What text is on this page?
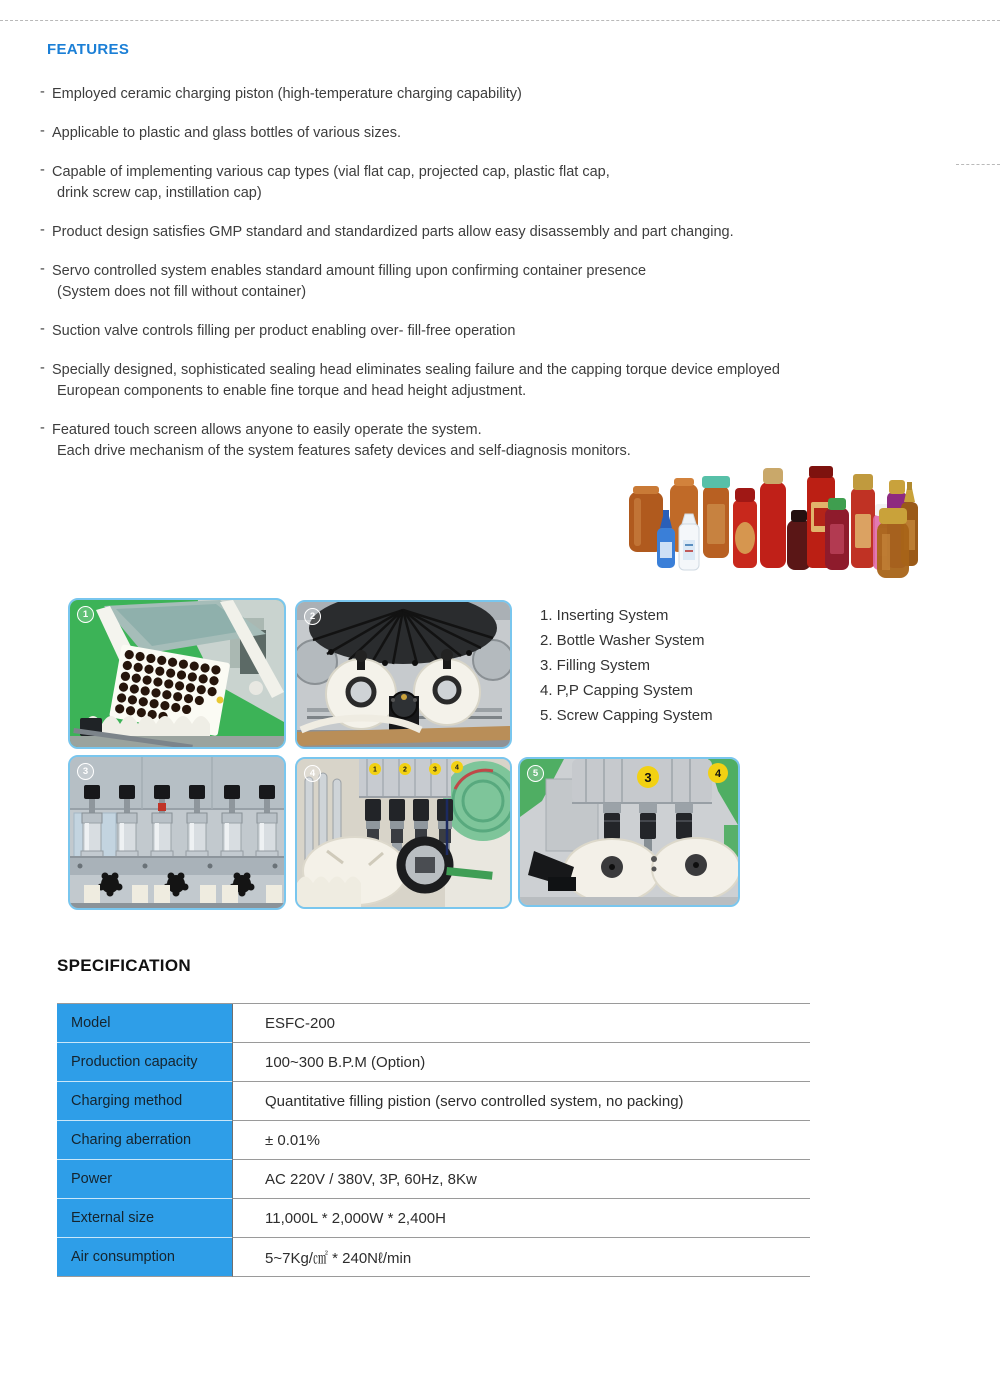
FEATURES
- Employed ceramic charging piston (high-temperature charging capability)
- Applicable to plastic and glass bottles of various sizes.
- Capable of implementing various cap types (vial flat cap, projected cap, plastic flat cap,
drink screw cap, instillation cap)
- Product design satisfies GMP standard and standardized parts allow easy disassembly and part changing.
- Servo controlled system enables standard amount filling upon confirming container presence
(System does not fill without container)
- Suction valve controls filling per product enabling over- fill-free operation
- Specially designed, sophisticated sealing head eliminates sealing failure and the capping torque device employed
European components to enable fine torque and head height adjustment.
- Featured touch screen allows anyone to easily operate the system.
Each drive mechanism of the system features safety devices and self-diagnosis monitors.
1	2	1. Inserting System
2. Bottle Washer System
3. Filling System
4. P,P Capping System
5. Screw Capping System
3	1	2	3	4
4	3	4
5
SPECIFICATION
Model	ESFC-200
Production capacity	100~300 B.P.M (Option)
Charging method	Quantitative filling pistion (servo controlled system, no packing)
Charing aberration	± 0.01%
Power	AC 220V / 380V, 3P, 60Hz, 8Kw
External size	11,000L * 2,000W * 2,400H
Air consumption	5~7Kg/㎠ * 240Nℓ/min
